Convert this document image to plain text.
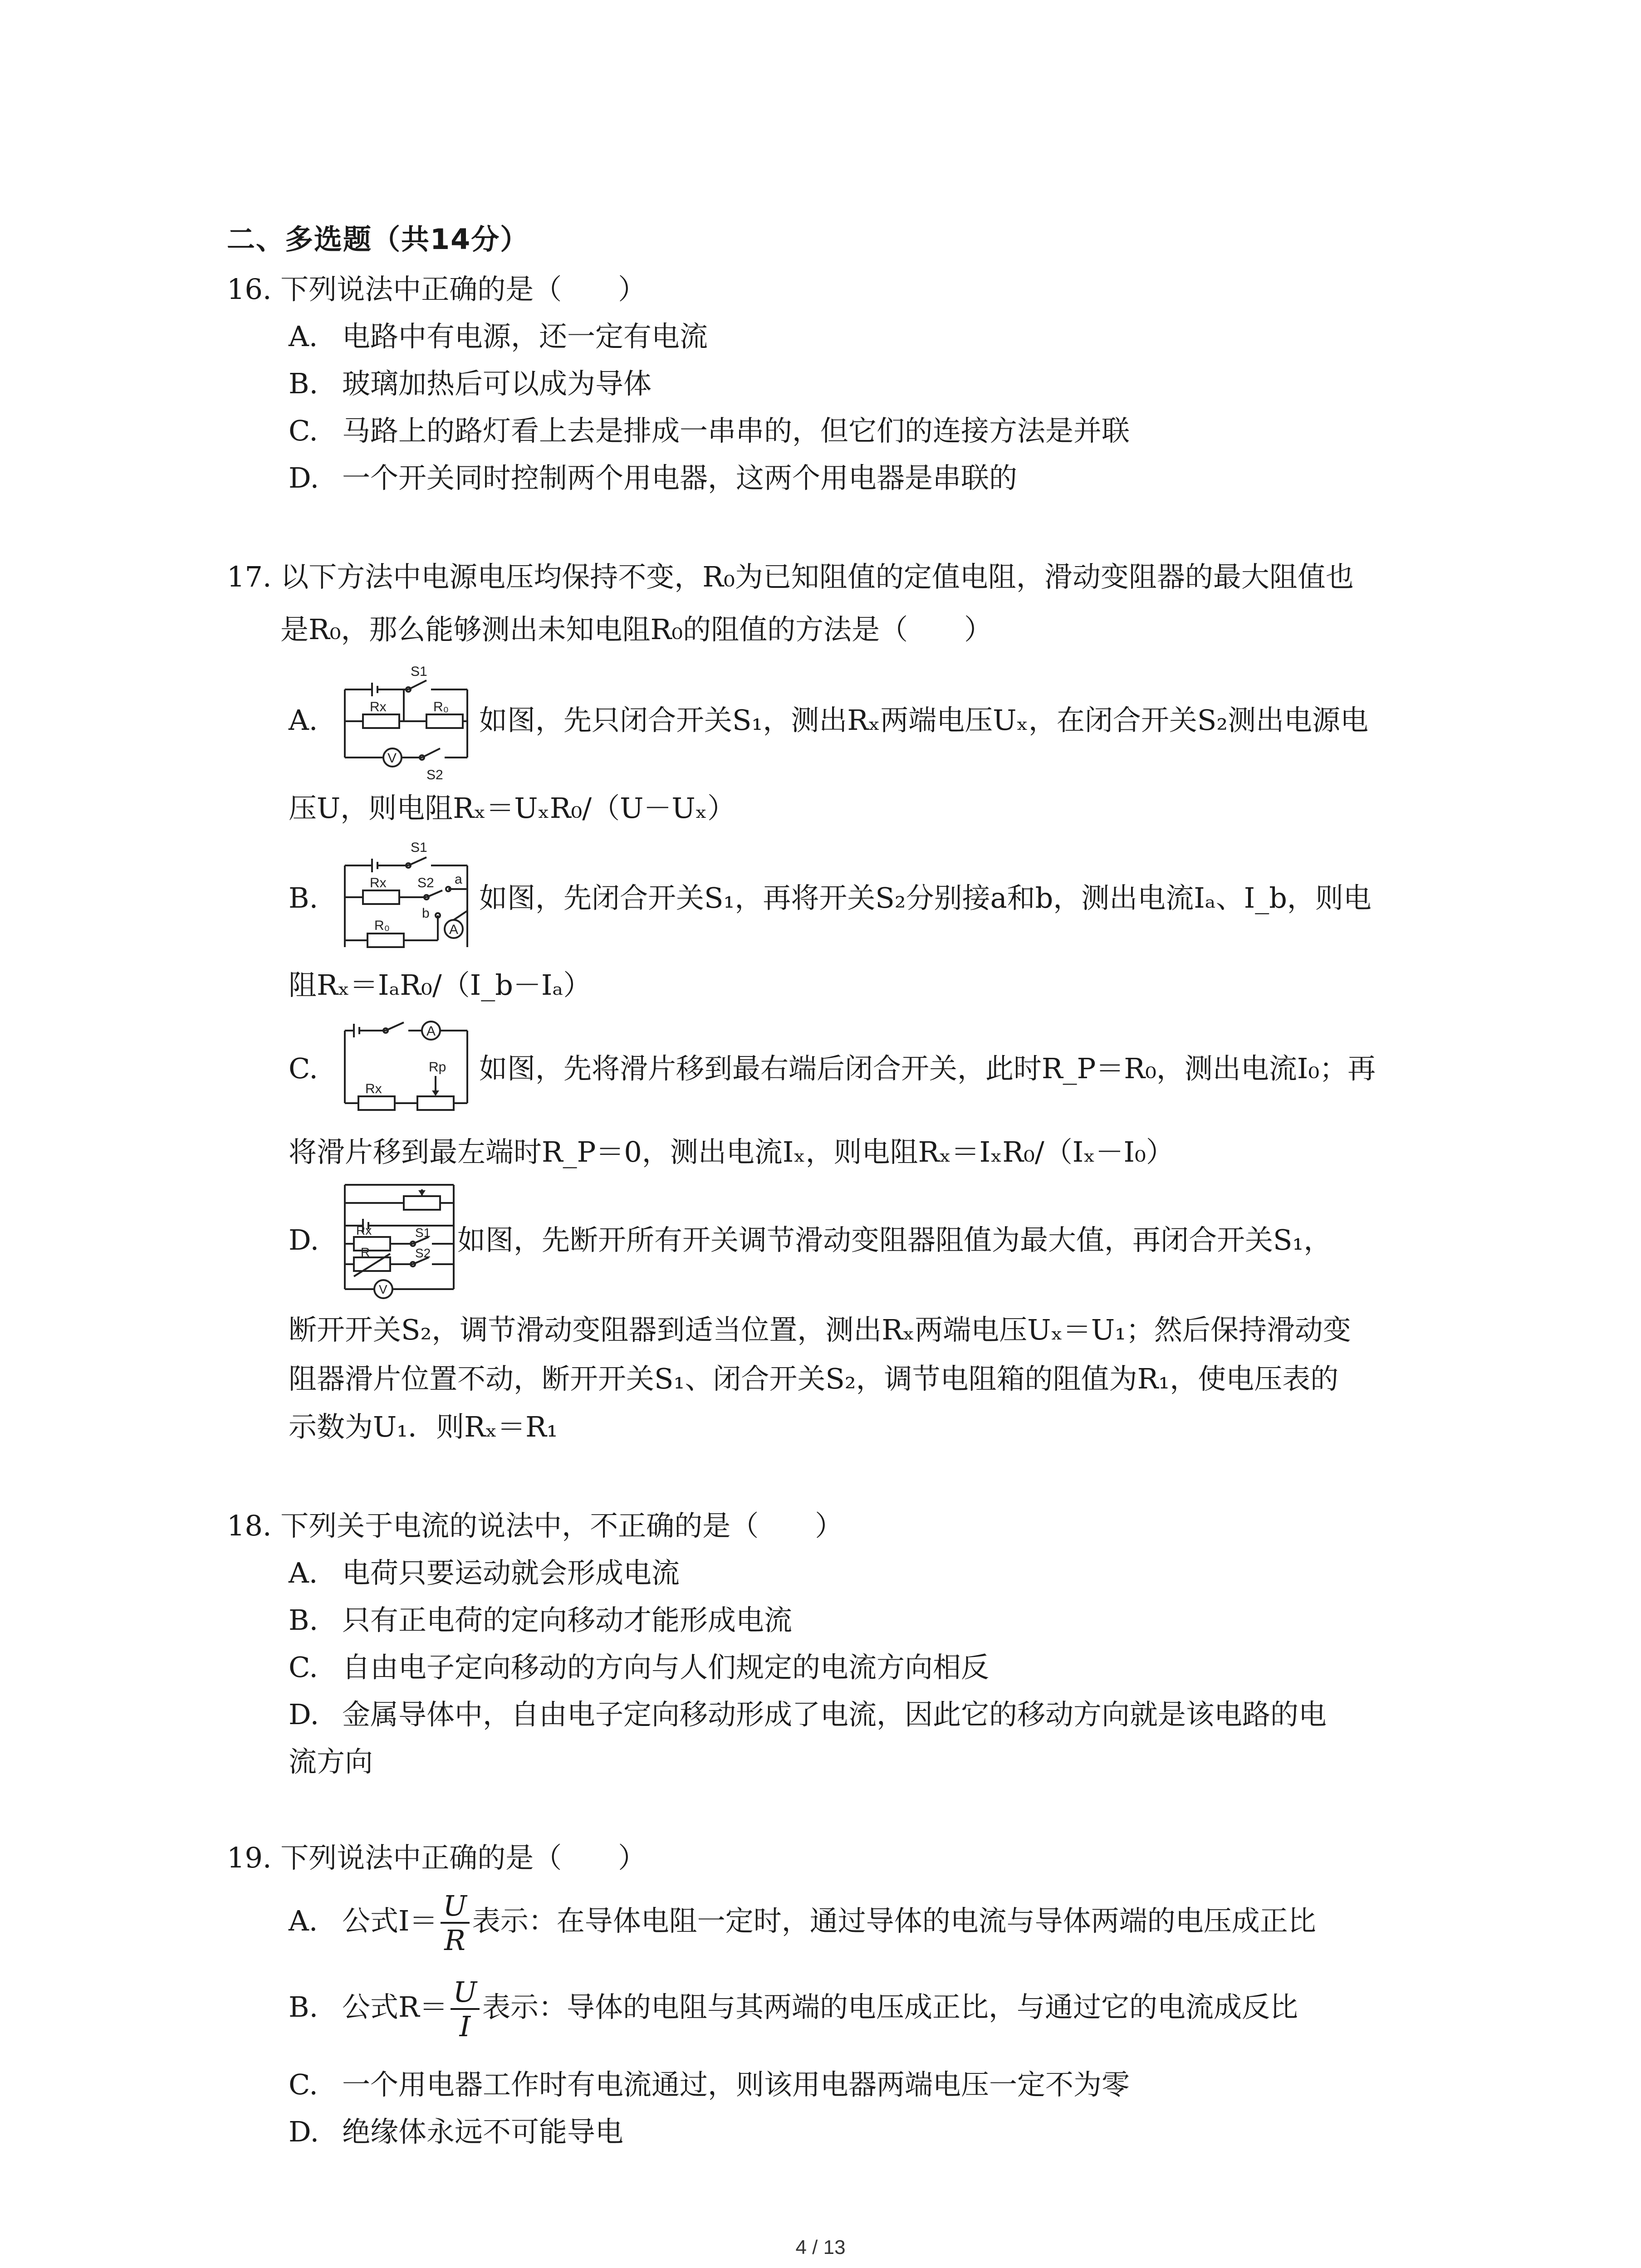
二、多选题（共14分）
16. 下列说法中正确的是（　　）
A. 电路中有电源，还一定有电流
B. 玻璃加热后可以成为导体
C. 马路上的路灯看上去是排成一串串的，但它们的连接方法是并联
D. 一个开关同时控制两个用电器，这两个用电器是串联的
17. 以下方法中电源电压均保持不变，R₀为已知阻值的定值电阻，滑动变阻器的最大阻值也
是R₀，那么能够测出未知电阻R₀的阻值的方法是（　　）
A.
S1
Rx	R₀
V
S2
如图，先只闭合开关S₁，测出Rₓ两端电压Uₓ，在闭合开关S₂测出电源电
压U，则电阻Rₓ＝UₓR₀/（U－Uₓ）
B.
S1
S2 a
b
Rx
R₀	A
如图，先闭合开关S₁，再将开关S₂分别接a和b，测出电流Iₐ、I_b，则电
阻Rₓ＝IₐR₀/（I_b－Iₐ）
C.
A
Rp
Rx
如图，先将滑片移到最右端后闭合开关，此时R_P＝R₀，测出电流I₀；再
将滑片移到最左端时R_P＝0，测出电流Iₓ，则电阻Rₓ＝IₓR₀/（Iₓ－I₀）
D.	Rx	S1
R	S2
V
如图，先断开所有开关调节滑动变阻器阻值为最大值，再闭合开关S₁，
断开开关S₂，调节滑动变阻器到适当位置，测出Rₓ两端电压Uₓ＝U₁；然后保持滑动变
阻器滑片位置不动，断开开关S₁、闭合开关S₂，调节电阻箱的阻值为R₁，使电压表的
示数为U₁．则Rₓ＝R₁
18. 下列关于电流的说法中，不正确的是（　　）
A. 电荷只要运动就会形成电流
B. 只有正电荷的定向移动才能形成电流
C. 自由电子定向移动的方向与人们规定的电流方向相反
D. 金属导体中，自由电子定向移动形成了电流，因此它的移动方向就是该电路的电
流方向
19. 下列说法中正确的是（　　）
A. 公式$I= \frac{U}{R}$ 表示：在导体电阻一定时，通过导体的电流与导体两端的电压成正比
B. 公式$R= \frac{U}{I}$ 表示：导体的电阻与其两端的电压成正比，与通过它的电流成反比
C. 一个用电器工作时有电流通过，则该用电器两端电压一定不为零
D. 绝缘体永远不可能导电
4 / 13
